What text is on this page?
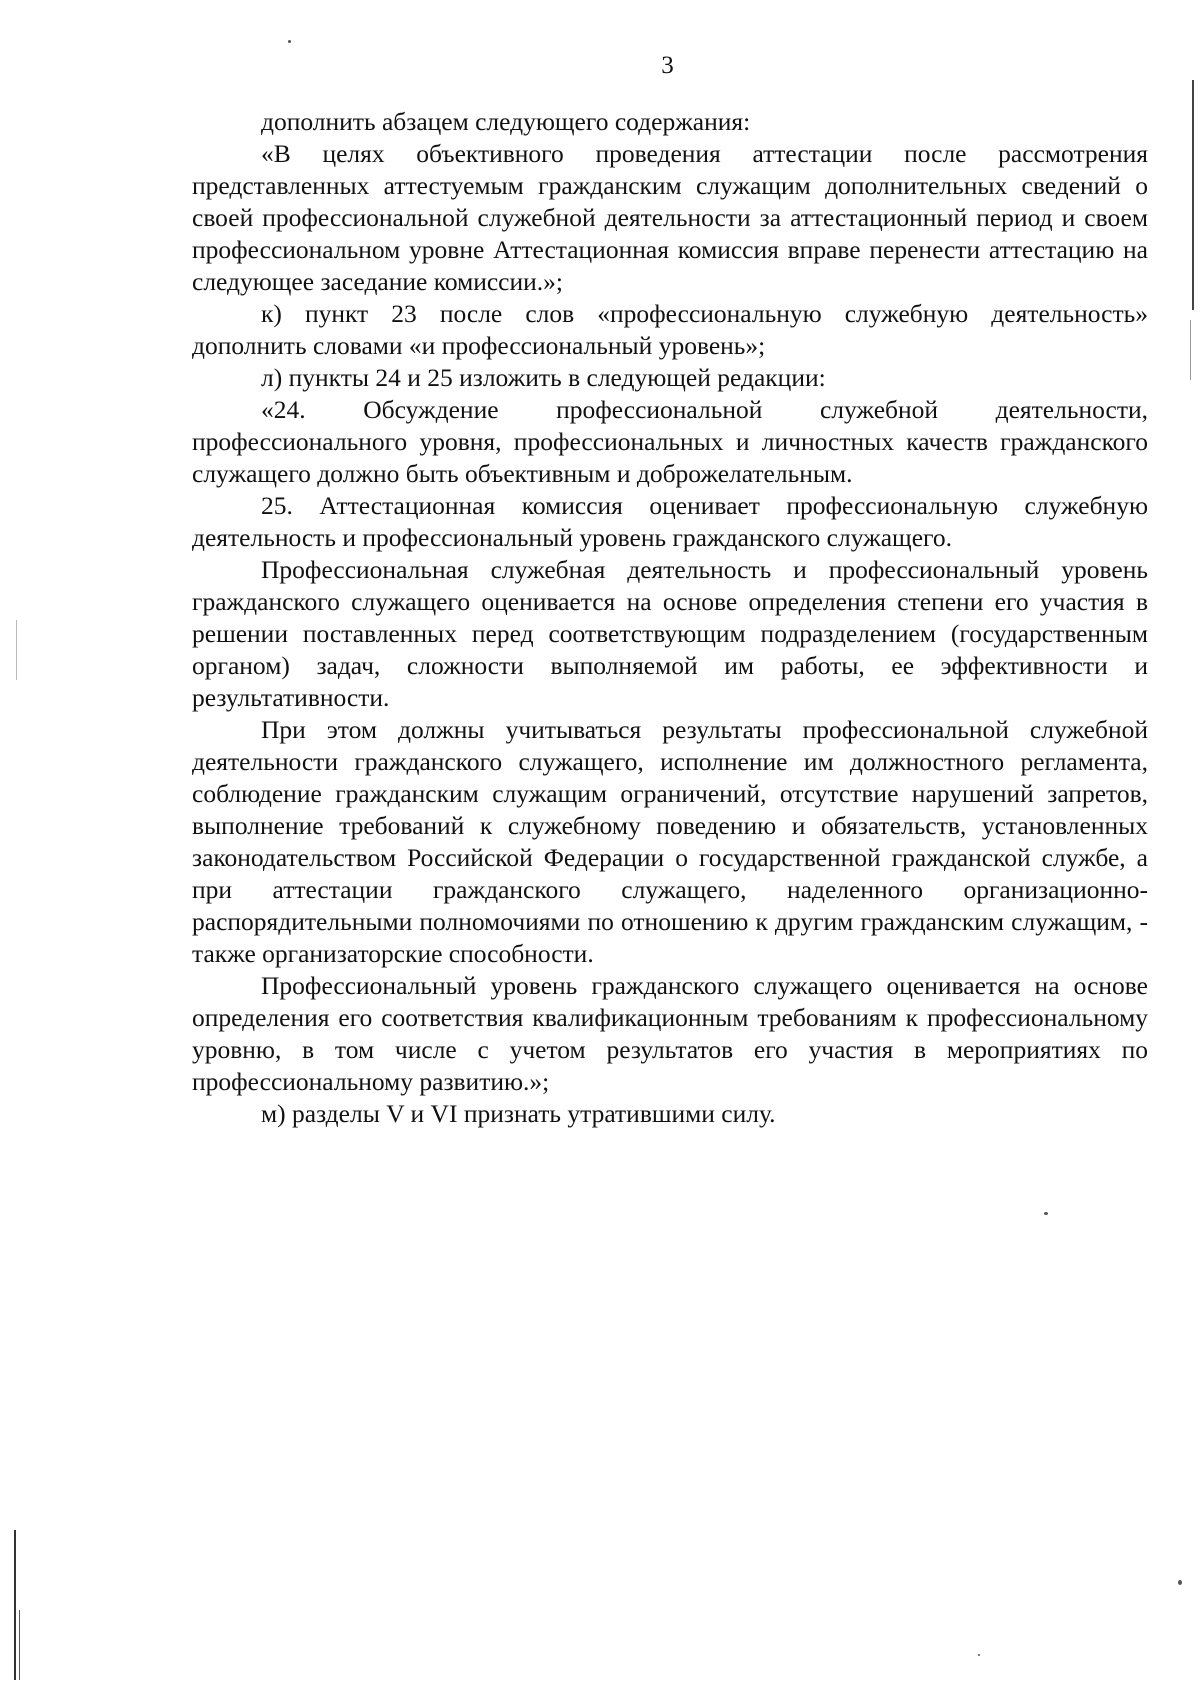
3

дополнить абзацем следующего содержания:

«В целях объективного проведения аттестации после рассмотрения представленных аттестуемым гражданским служащим дополнительных сведений о своей профессиональной служебной деятельности за аттестационный период и своем профессиональном уровне Аттестационная комиссия вправе перенести аттестацию на следующее заседание комиссии.»;

к) пункт 23 после слов «профессиональную служебную деятельность» дополнить словами «и профессиональный уровень»;

л) пункты 24 и 25 изложить в следующей редакции:

«24. Обсуждение профессиональной служебной деятельности, профессионального уровня, профессиональных и личностных качеств гражданского служащего должно быть объективным и доброжелательным.

25. Аттестационная комиссия оценивает профессиональную служебную деятельность и профессиональный уровень гражданского служащего.

Профессиональная служебная деятельность и профессиональный уровень гражданского служащего оценивается на основе определения степени его участия в решении поставленных перед соответствующим подразделением (государственным органом) задач, сложности выполняемой им работы, ее эффективности и результативности.

При этом должны учитываться результаты профессиональной служебной деятельности гражданского служащего, исполнение им должностного регламента, соблюдение гражданским служащим ограничений, отсутствие нарушений запретов, выполнение требований к служебному поведению и обязательств, установленных законодательством Российской Федерации о государственной гражданской службе, а при аттестации гражданского служащего, наделенного организационно-распорядительными полномочиями по отношению к другим гражданским служащим, - также организаторские способности.

Профессиональный уровень гражданского служащего оценивается на основе определения его соответствия квалификационным требованиям к профессиональному уровню, в том числе с учетом результатов его участия в мероприятиях по профессиональному развитию.»;

м) разделы V и VI признать утратившими силу.
